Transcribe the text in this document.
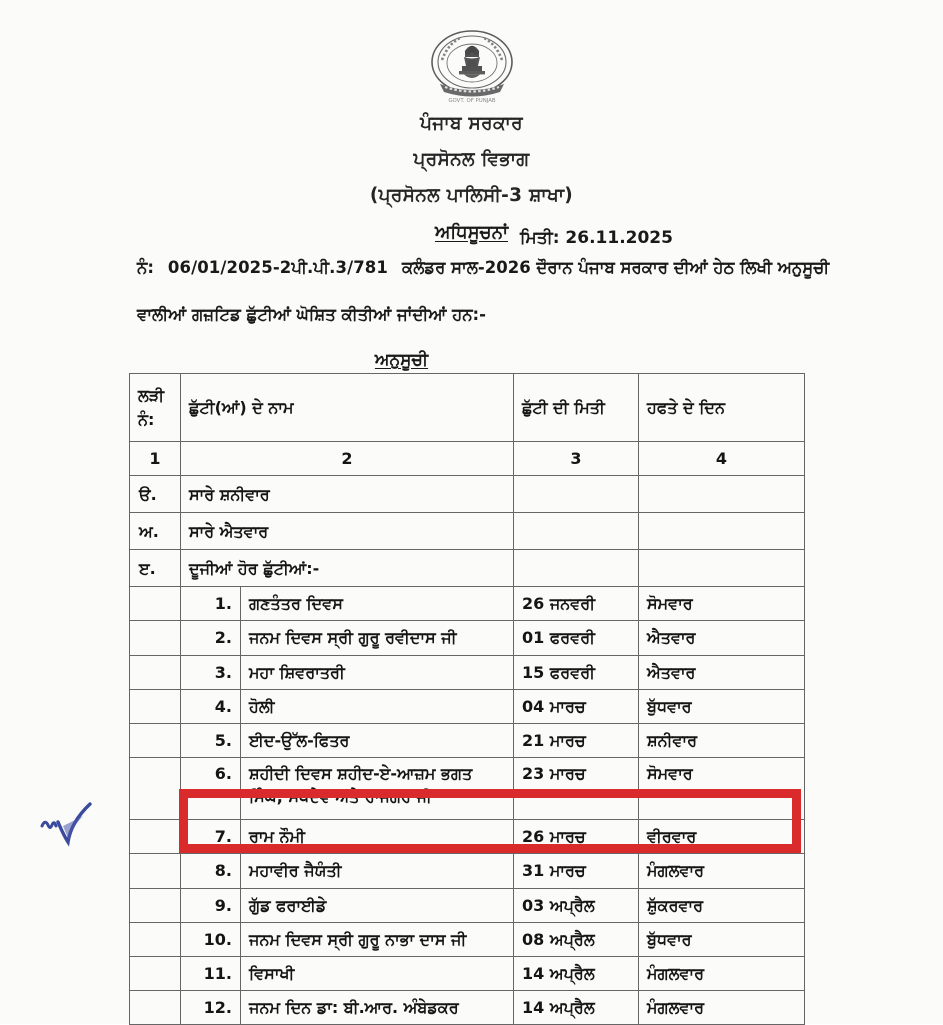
GOVT. OF PUNJAB
ਪੰਜਾਬ ਸਰਕਾਰ
ਪ੍ਰਸੋਨਲ ਵਿਭਾਗ
(ਪ੍ਰਸੋਨਲ ਪਾਲਿਸੀ-3 ਸ਼ਾਖਾ)
ਅਧਿਸੂਚਨਾਂ ਮਿਤੀ: 26.11.2025
ਨੰ: 06/01/2025-2ਪੀ.ਪੀ.3/781 ਕਲੰਡਰ ਸਾਲ-2026 ਦੌਰਾਨ ਪੰਜਾਬ ਸਰਕਾਰ ਦੀਆਂ ਹੇਠ ਲਿਖੀ ਅਨੁਸੂਚੀ
ਵਾਲੀਆਂ ਗਜ਼ਟਿਡ ਛੁੱਟੀਆਂ ਘੋਸ਼ਿਤ ਕੀਤੀਆਂ ਜਾਂਦੀਆਂ ਹਨ:-
ਅਨੁਸੂਚੀ
ਲੜੀ ਨੰ:	ਛੁੱਟੀ(ਆਂ) ਦੇ ਨਾਮ		ਛੁੱਟੀ ਦੀ ਮਿਤੀ	ਹਫਤੇ ਦੇ ਦਿਨ
1	2		3	4
ੳ.	ਸਾਰੇ ਸ਼ਨੀਵਾਰ			
ਅ.	ਸਾਰੇ ਐਤਵਾਰ			
ੲ.	ਦੂਜੀਆਂ ਹੋਰ ਛੁੱਟੀਆਂ:-			
	1.	ਗਣਤੰਤਰ ਦਿਵਸ	26 ਜਨਵਰੀ	ਸੋਮਵਾਰ
	2.	ਜਨਮ ਦਿਵਸ ਸ੍ਰੀ ਗੁਰੂ ਰਵੀਦਾਸ ਜੀ	01 ਫਰਵਰੀ	ਐਤਵਾਰ
	3.	ਮਹਾ ਸ਼ਿਵਰਾਤਰੀ	15 ਫਰਵਰੀ	ਐਤਵਾਰ
	4.	ਹੋਲੀ	04 ਮਾਰਚ	ਬੁੱਧਵਾਰ
	5.	ਈਦ-ਉੱਲ-ਫਿਤਰ	21 ਮਾਰਚ	ਸ਼ਨੀਵਾਰ
	6.	ਸ਼ਹੀਦੀ ਦਿਵਸ ਸ਼ਹੀਦ-ਏ-ਆਜ਼ਮ ਭਗਤ
ਸਿੰਘ, ਸਖਦੇਵ ਅਤੇ ਰਾਜਗਰ ਜੀ	23 ਮਾਰਚ	ਸੋਮਵਾਰ
	7.	ਰਾਮ ਨੌਮੀ	26 ਮਾਰਚ	ਵੀਰਵਾਰ
	8.	ਮਹਾਵੀਰ ਜੈਯੰਤੀ	31 ਮਾਰਚ	ਮੰਗਲਵਾਰ
	9.	ਗੁੱਡ ਫਰਾਈਡੇ	03 ਅਪ੍ਰੈਲ	ਸ਼ੁੱਕਰਵਾਰ
	10.	ਜਨਮ ਦਿਵਸ ਸ੍ਰੀ ਗੁਰੂ ਨਾਭਾ ਦਾਸ ਜੀ	08 ਅਪ੍ਰੈਲ	ਬੁੱਧਵਾਰ
	11.	ਵਿਸਾਖੀ	14 ਅਪ੍ਰੈਲ	ਮੰਗਲਵਾਰ
	12.	ਜਨਮ ਦਿਨ ਡਾ: ਬੀ.ਆਰ. ਅੰਬੇਡਕਰ	14 ਅਪ੍ਰੈਲ	ਮੰਗਲਵਾਰ
